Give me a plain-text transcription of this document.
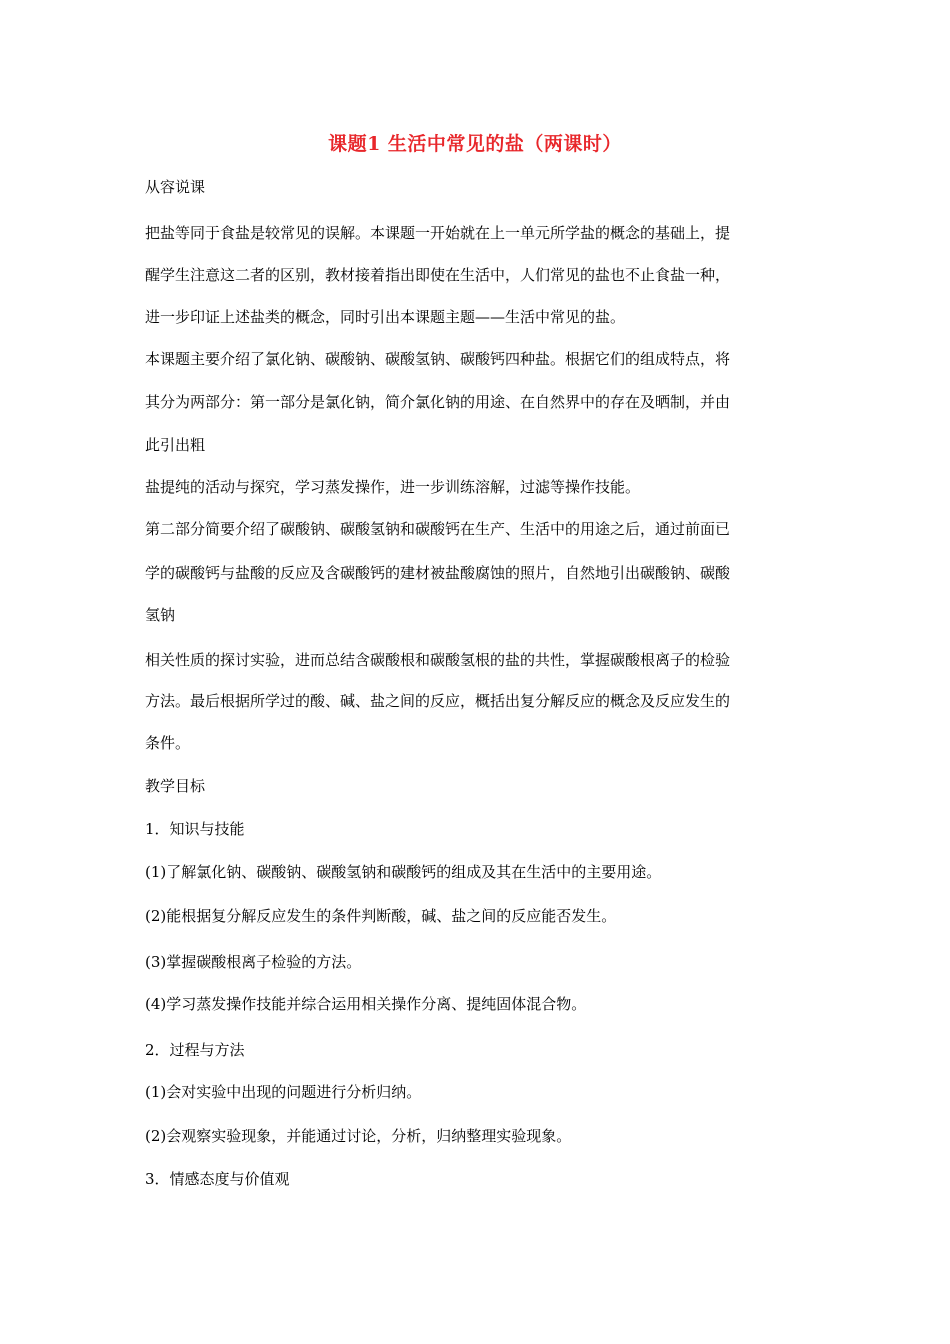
课题1 生活中常见的盐（两课时）
从容说课
把盐等同于食盐是较常见的误解。本课题一开始就在上一单元所学盐的概念的基础上，提
醒学生注意这二者的区别，教材接着指出即使在生活中，人们常见的盐也不止食盐一种，
进一步印证上述盐类的概念，同时引出本课题主题——生活中常见的盐。
本课题主要介绍了氯化钠、碳酸钠、碳酸氢钠、碳酸钙四种盐。根据它们的组成特点，将
其分为两部分：第一部分是氯化钠，简介氯化钠的用途、在自然界中的存在及晒制，并由
此引出粗
盐提纯的活动与探究，学习蒸发操作，进一步训练溶解，过滤等操作技能。
第二部分简要介绍了碳酸钠、碳酸氢钠和碳酸钙在生产、生活中的用途之后，通过前面已
学的碳酸钙与盐酸的反应及含碳酸钙的建材被盐酸腐蚀的照片，自然地引出碳酸钠、碳酸
氢钠
相关性质的探讨实验，进而总结含碳酸根和碳酸氢根的盐的共性，掌握碳酸根离子的检验
方法。最后根据所学过的酸、碱、盐之间的反应，概括出复分解反应的概念及反应发生的
条件。
教学目标
1．知识与技能
(1)了解氯化钠、碳酸钠、碳酸氢钠和碳酸钙的组成及其在生活中的主要用途。
(2)能根据复分解反应发生的条件判断酸，碱、盐之间的反应能否发生。
(3)掌握碳酸根离子检验的方法。
(4)学习蒸发操作技能并综合运用相关操作分离、提纯固体混合物。
2．过程与方法
(1)会对实验中出现的问题进行分析归纳。
(2)会观察实验现象，并能通过讨论，分析，归纳整理实验现象。
3．情感态度与价值观
